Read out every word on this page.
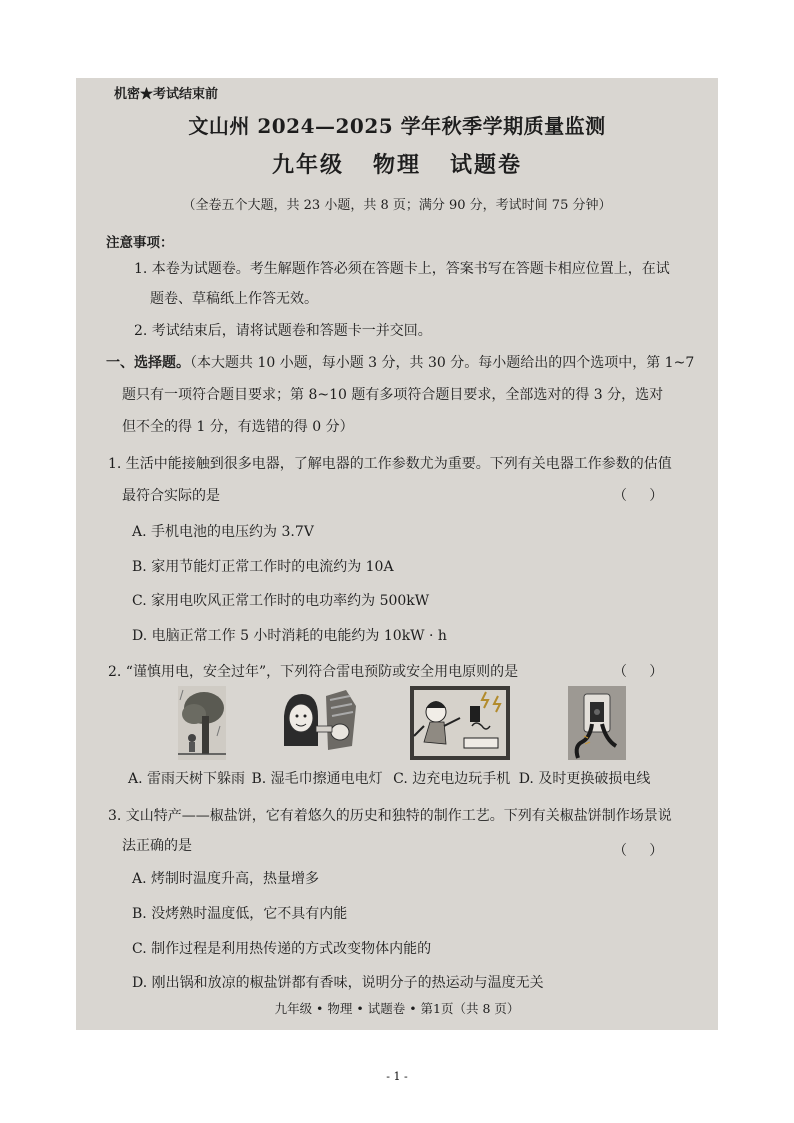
机密★考试结束前
文山州 2024—2025 学年秋季学期质量监测
九年级   物理   试题卷
（全卷五个大题，共 23 小题，共 8 页；满分 90 分，考试时间 75 分钟）
注意事项：
1. 本卷为试题卷。考生解题作答必须在答题卡上，答案书写在答题卡相应位置上，在试
题卷、草稿纸上作答无效。
2. 考试结束后，请将试题卷和答题卡一并交回。
一、选择题。（本大题共 10 小题，每小题 3 分，共 30 分。每小题给出的四个选项中，第 1~7
题只有一项符合题目要求；第 8~10 题有多项符合题目要求，全部选对的得 3 分，选对
但不全的得 1 分，有选错的得 0 分）
1. 生活中能接触到很多电器，了解电器的工作参数尤为重要。下列有关电器工作参数的估值
最符合实际的是	（     ）
A. 手机电池的电压约为 3.7V
B. 家用节能灯正常工作时的电流约为 10A
C. 家用电吹风正常工作时的电功率约为 500kW
D. 电脑正常工作 5 小时消耗的电能约为 10kW · h
2. “谨慎用电，安全过年”，下列符合雷电预防或安全用电原则的是	（     ）
A. 雷雨天树下躲雨 B. 湿毛巾擦通电电灯 C. 边充电边玩手机 D. 及时更换破损电线
3. 文山特产——椒盐饼，它有着悠久的历史和独特的制作工艺。下列有关椒盐饼制作场景说
法正确的是	（     ）
A. 烤制时温度升高，热量增多
B. 没烤熟时温度低，它不具有内能
C. 制作过程是利用热传递的方式改变物体内能的
D. 刚出锅和放凉的椒盐饼都有香味，说明分子的热运动与温度无关
九年级 • 物理 • 试题卷 • 第1页（共 8 页）
- 1 -
